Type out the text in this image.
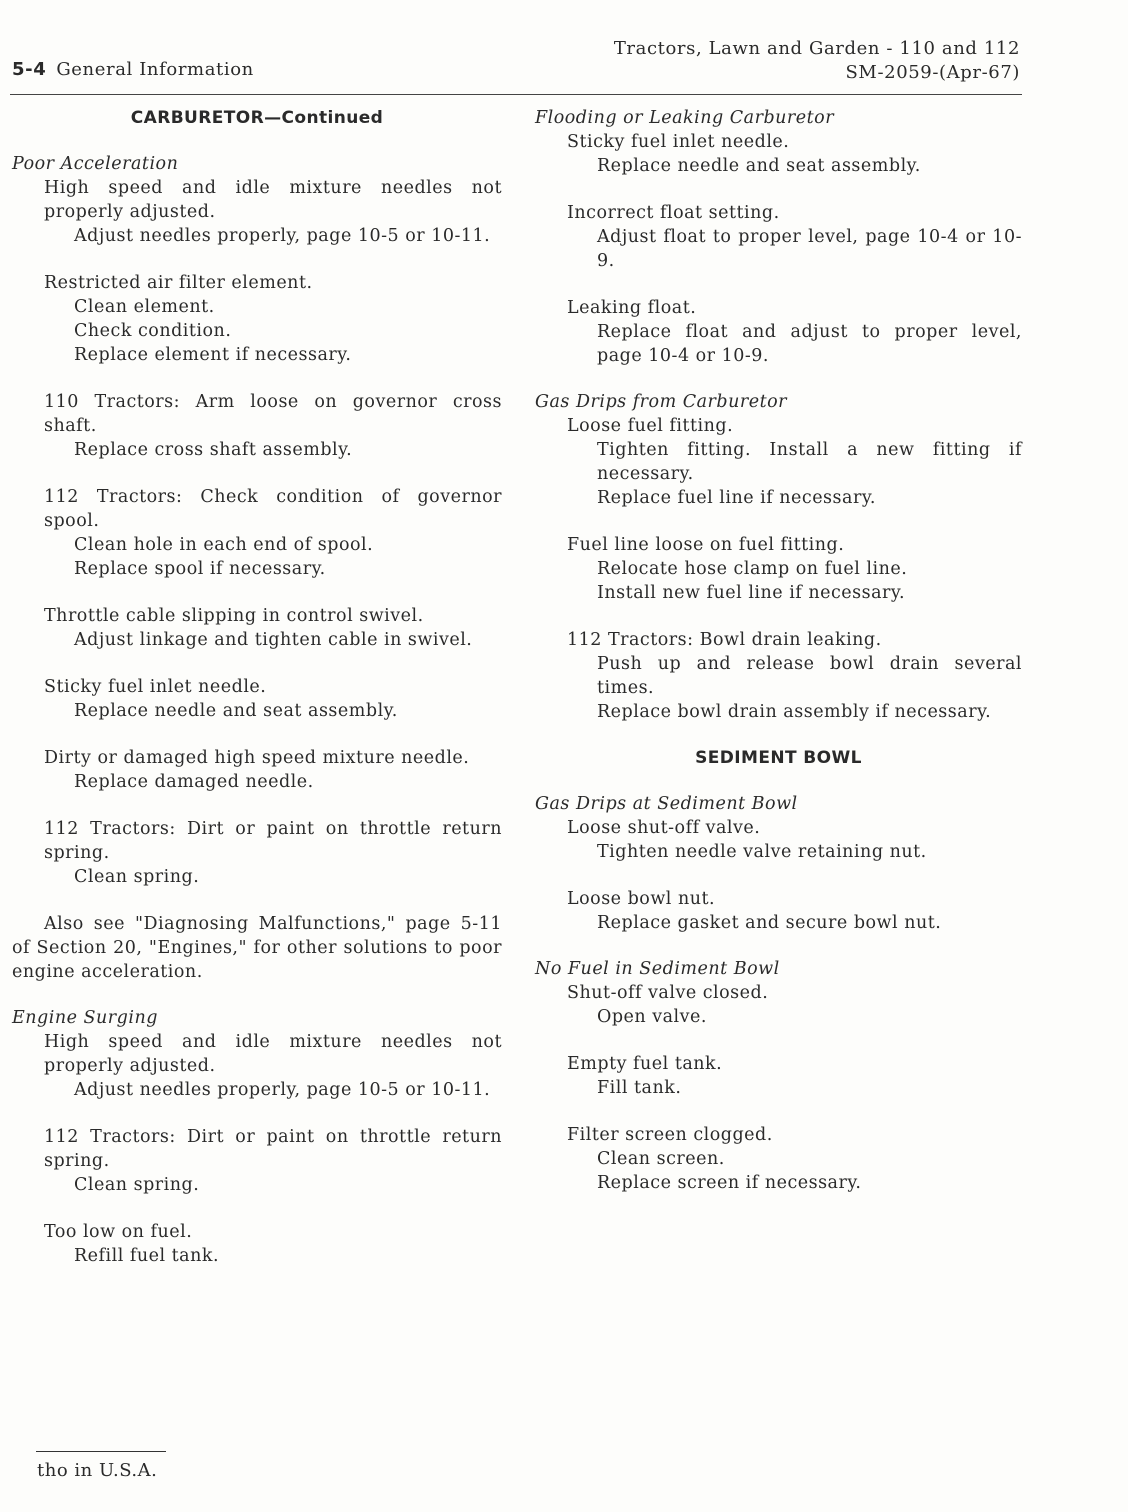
5-4 General Information
Tractors, Lawn and Garden - 110 and 112
SM-2059-(Apr-67)
CARBURETOR—Continued
Poor Acceleration
High speed and idle mixture needles not properly adjusted.
Adjust needles properly, page 10-5 or 10-11.
Restricted air filter element.
Clean element.
Check condition.
Replace element if necessary.
110 Tractors: Arm loose on governor cross shaft.
Replace cross shaft assembly.
112 Tractors: Check condition of governor spool.
Clean hole in each end of spool.
Replace spool if necessary.
Throttle cable slipping in control swivel.
Adjust linkage and tighten cable in swivel.
Sticky fuel inlet needle.
Replace needle and seat assembly.
Dirty or damaged high speed mixture needle.
Replace damaged needle.
112 Tractors: Dirt or paint on throttle return spring.
Clean spring.
Also see "Diagnosing Malfunctions," page 5-11 of Section 20, "Engines," for other solutions to poor engine acceleration.
Engine Surging
High speed and idle mixture needles not properly adjusted.
Adjust needles properly, page 10-5 or 10-11.
112 Tractors: Dirt or paint on throttle return spring.
Clean spring.
Too low on fuel.
Refill fuel tank.
Flooding or Leaking Carburetor
Sticky fuel inlet needle.
Replace needle and seat assembly.
Incorrect float setting.
Adjust float to proper level, page 10-4 or 10-9.
Leaking float.
Replace float and adjust to proper level, page 10-4 or 10-9.
Gas Drips from Carburetor
Loose fuel fitting.
Tighten fitting. Install a new fitting if necessary.
Replace fuel line if necessary.
Fuel line loose on fuel fitting.
Relocate hose clamp on fuel line.
Install new fuel line if necessary.
112 Tractors: Bowl drain leaking.
Push up and release bowl drain several times.
Replace bowl drain assembly if necessary.
SEDIMENT BOWL
Gas Drips at Sediment Bowl
Loose shut-off valve.
Tighten needle valve retaining nut.
Loose bowl nut.
Replace gasket and secure bowl nut.
No Fuel in Sediment Bowl
Shut-off valve closed.
Open valve.
Empty fuel tank.
Fill tank.
Filter screen clogged.
Clean screen.
Replace screen if necessary.
tho in U.S.A.
